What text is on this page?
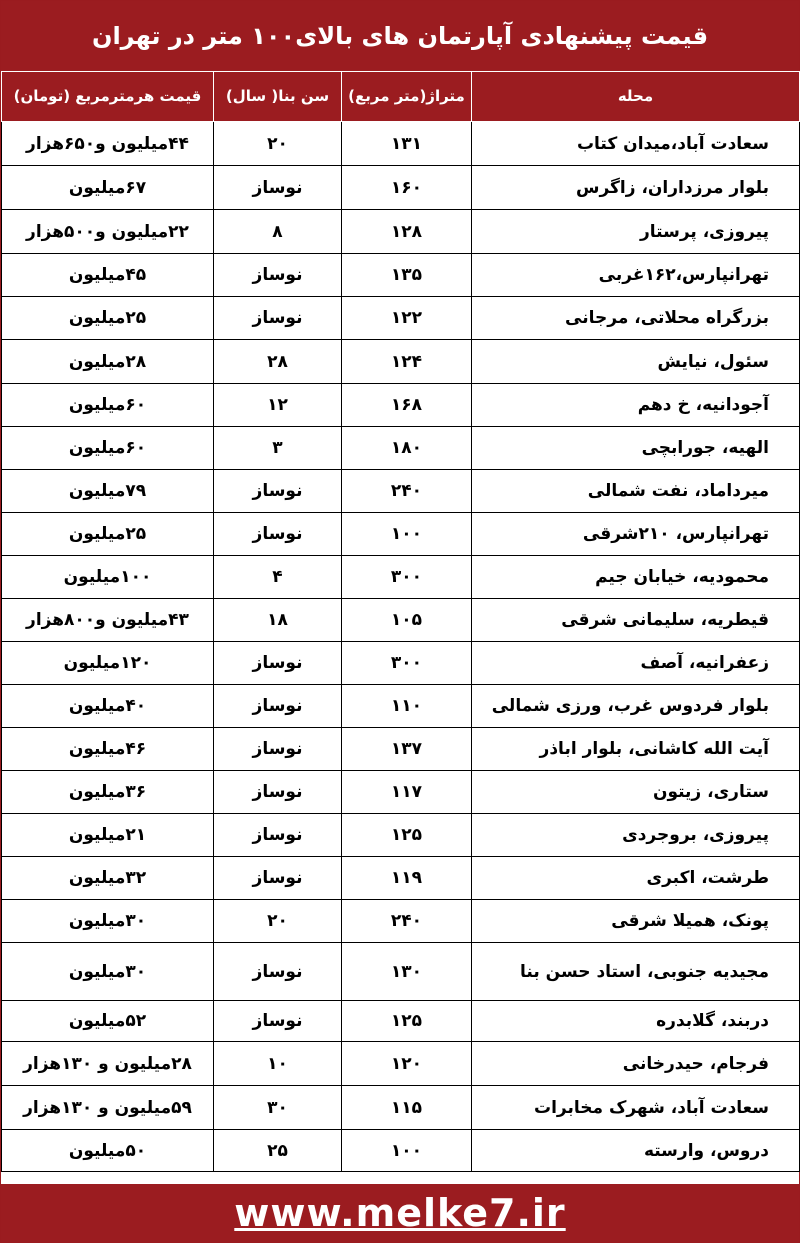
قیمت پیشنهادی آپارتمان های بالای۱۰۰ متر در تهران
قیمت هرمترمربع (تومان)	سن بنا( سال)	متراژ(متر مربع)	محله
۴۴میلیون و۶۵۰هزار	۲۰	۱۳۱	سعادت آباد،میدان کتاب
۶۷میلیون	نوساز	۱۶۰	بلوار مرزداران، زاگرس
۲۲میلیون و۵۰۰هزار	۸	۱۲۸	پیروزی، پرستار
۴۵میلیون	نوساز	۱۳۵	تهرانپارس،۱۶۲غربی
۲۵میلیون	نوساز	۱۲۲	بزرگراه محلاتی، مرجانی
۲۸میلیون	۲۸	۱۲۴	سئول، نیایش
۶۰میلیون	۱۲	۱۶۸	آجودانیه، خ دهم
۶۰میلیون	۳	۱۸۰	الهیه، جورابچی
۷۹میلیون	نوساز	۲۴۰	میرداماد، نفت شمالی
۲۵میلیون	نوساز	۱۰۰	تهرانپارس، ۲۱۰شرقی
۱۰۰میلیون	۴	۳۰۰	محمودیه، خیابان جیم
۴۳میلیون و۸۰۰هزار	۱۸	۱۰۵	قیطریه، سلیمانی شرقی
۱۲۰میلیون	نوساز	۳۰۰	زعفرانیه، آصف
۴۰میلیون	نوساز	۱۱۰	بلوار فردوس غرب، ورزی شمالی
۴۶میلیون	نوساز	۱۳۷	آیت الله کاشانی، بلوار اباذر
۳۶میلیون	نوساز	۱۱۷	ستاری، زیتون
۲۱میلیون	نوساز	۱۲۵	پیروزی، بروجردی
۳۲میلیون	نوساز	۱۱۹	طرشت، اکبری
۳۰میلیون	۲۰	۲۴۰	پونک، همیلا شرقی
۳۰میلیون	نوساز	۱۳۰	مجیدیه جنوبی، استاد حسن بنا
۵۲میلیون	نوساز	۱۲۵	دربند، گلابدره
۲۸میلیون و ۱۳۰هزار	۱۰	۱۲۰	فرجام، حیدرخانی
۵۹میلیون و ۱۳۰هزار	۳۰	۱۱۵	سعادت آباد، شهرک مخابرات
۵۰میلیون	۲۵	۱۰۰	دروس، وارسته
www.melke7.ir
